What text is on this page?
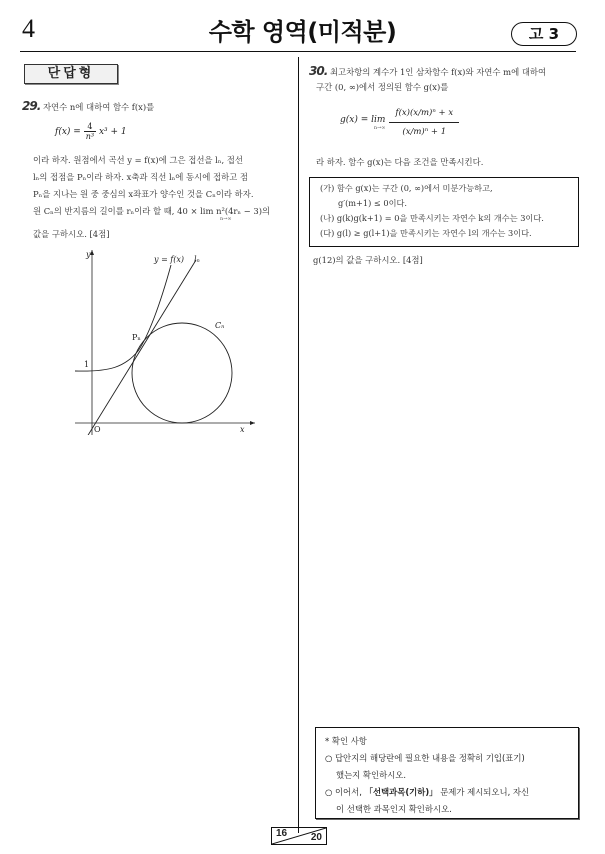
4	수학 영역(미적분)	고 3
단답형
29. 자연수 n에 대하여 함수 f(x)를
$f(x) = \frac{4}{\text{n³}} x^3 + 1$
이라 하자. 원점에서 곡선 y = f(x)에 그은 접선을 lₙ, 접선
lₙ의 접점을 Pₙ이라 하자. x축과 직선 lₙ에 동시에 접하고 점
Pₙ을 지나는 원 중 중심의 x좌표가 양수인 것을 Cₙ이라 하자.
원 Cₙ의 반지름의 길이를 rₙ이라 할 때, 40 × lim n²(4rₙ − 3)의
n→∞
값을 구하시오. [4점]
y
x
O
1
y = f(x) lₙ
Pₙ
Cₙ
30. 최고차항의 계수가 1인 삼차함수 f(x)와 자연수 m에 대하여
구간 (0, ∞)에서 정의된 함수 g(x)를
g(x) = lim
$n\to\infty \frac{\text{f(x)(x/m)ⁿ + x}}{\text{(x/m)ⁿ + 1}}$
라 하자. 함수 g(x)는 다음 조건을 만족시킨다.
(가) 함수 g(x)는 구간 (0, ∞)에서 미분가능하고,
g′(m+1) ≤ 0이다.
(나) g(k)g(k+1) = 0을 만족시키는 자연수 k의 개수는 3이다.
(다) g(l) ≥ g(l+1)을 만족시키는 자연수 l의 개수는 3이다.
g(12)의 값을 구하시오. [4점]
* 확인 사항
○ 답안지의 해당란에 필요한 내용을 정확히 기입(표기)
했는지 확인하시오.
○ 이어서, 「선택과목(기하)」 문제가 제시되오니, 자신
이 선택한 과목인지 확인하시오.
16 20
